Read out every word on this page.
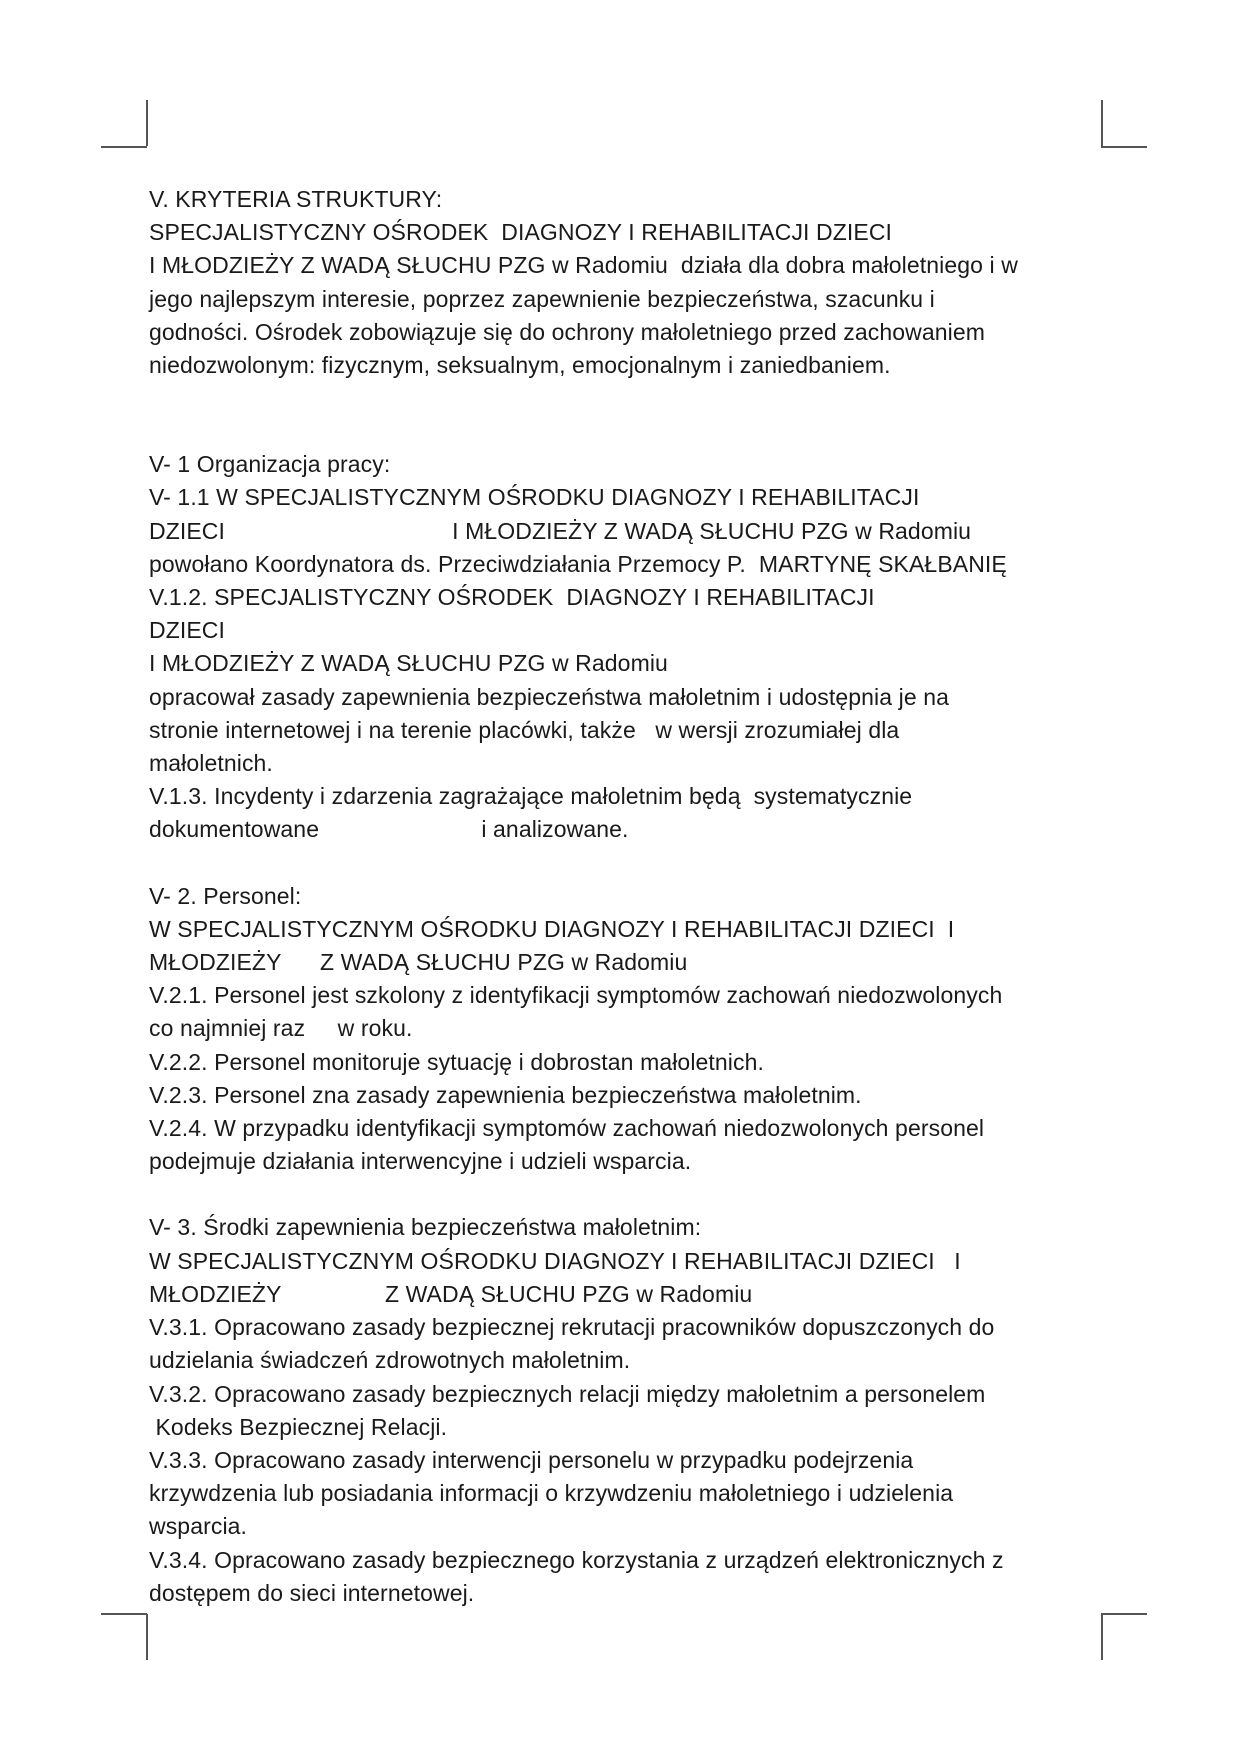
V. KRYTERIA STRUKTURY:
SPECJALISTYCZNY OŚRODEK  DIAGNOZY I REHABILITACJI DZIECI
I MŁODZIEŻY Z WADĄ SŁUCHU PZG w Radomiu  działa dla dobra małoletniego i w
jego najlepszym interesie, poprzez zapewnienie bezpieczeństwa, szacunku i
godności. Ośrodek zobowiązuje się do ochrony małoletniego przed zachowaniem
niedozwolonym: fizycznym, seksualnym, emocjonalnym i zaniedbaniem.
V- 1 Organizacja pracy:
V- 1.1 W SPECJALISTYCZNYM OŚRODKU DIAGNOZY I REHABILITACJI
DZIECI                                   I MŁODZIEŻY Z WADĄ SŁUCHU PZG w Radomiu
powołano Koordynatora ds. Przeciwdziałania Przemocy P.  MARTYNĘ SKAŁBANIĘ
V.1.2. SPECJALISTYCZNY OŚRODEK  DIAGNOZY I REHABILITACJI
DZIECI
I MŁODZIEŻY Z WADĄ SŁUCHU PZG w Radomiu
opracował zasady zapewnienia bezpieczeństwa małoletnim i udostępnia je na
stronie internetowej i na terenie placówki, także   w wersji zrozumiałej dla
małoletnich.
V.1.3. Incydenty i zdarzenia zagrażające małoletnim będą  systematycznie
dokumentowane                         i analizowane.
V- 2. Personel:
W SPECJALISTYCZNYM OŚRODKU DIAGNOZY I REHABILITACJI DZIECI  I
MŁODZIEŻY      Z WADĄ SŁUCHU PZG w Radomiu
V.2.1. Personel jest szkolony z identyfikacji symptomów zachowań niedozwolonych
co najmniej raz     w roku.
V.2.2. Personel monitoruje sytuację i dobrostan małoletnich.
V.2.3. Personel zna zasady zapewnienia bezpieczeństwa małoletnim.
V.2.4. W przypadku identyfikacji symptomów zachowań niedozwolonych personel
podejmuje działania interwencyjne i udzieli wsparcia.
V- 3. Środki zapewnienia bezpieczeństwa małoletnim:
W SPECJALISTYCZNYM OŚRODKU DIAGNOZY I REHABILITACJI DZIECI   I
MŁODZIEŻY                Z WADĄ SŁUCHU PZG w Radomiu
V.3.1. Opracowano zasady bezpiecznej rekrutacji pracowników dopuszczonych do
udzielania świadczeń zdrowotnych małoletnim.
V.3.2. Opracowano zasady bezpiecznych relacji między małoletnim a personelem
Kodeks Bezpiecznej Relacji.
V.3.3. Opracowano zasady interwencji personelu w przypadku podejrzenia
krzywdzenia lub posiadania informacji o krzywdzeniu małoletniego i udzielenia
wsparcia.
V.3.4. Opracowano zasady bezpiecznego korzystania z urządzeń elektronicznych z
dostępem do sieci internetowej.
